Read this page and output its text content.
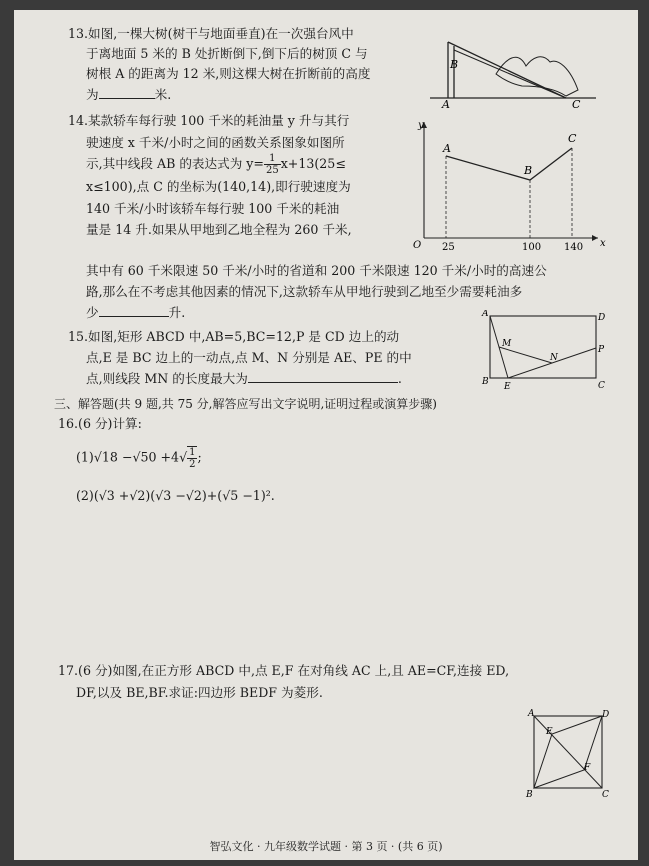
13.如图,一棵大树(树干与地面垂直)在一次强台风中
于离地面 5 米的 B 处折断倒下,倒下后的树顶 C 与
树根 A 的距离为 12 米,则这棵大树在折断前的高度
为	米.
A
B
C
14.某款轿车每行驶 100 千米的耗油量 y 升与其行
驶速度 x 千米/小时之间的函数关系图象如图所
示,其中线段 AB 的表达式为 $y= \frac{1}{25} x+13(25\le$
x≤100),点 C 的坐标为(140,14),即行驶速度为
140 千米/小时该轿车每行驶 100 千米的耗油
量是 14 升.如果从甲地到乙地全程为 260 千米,
其中有 60 千米限速 50 千米/小时的省道和 200 千米限速 120 千米/小时的高速公
路,那么在不考虑其他因素的情况下,这款轿车从甲地行驶到乙地至少需要耗油多
少	升.
y
x
O 25	100 140
A
B
C
15.如图,矩形 ABCD 中,AB=5,BC=12,P 是 CD 边上的动
点,E 是 BC 边上的一动点,点 M、N 分别是 AE、PE 的中
点,则线段 MN 的长度最大为	.
A
B	C
D
E
M
N
P
三、解答题(共 9 题,共 75 分,解答应写出文字说明,证明过程或演算步骤)
16.(6 分)计算:
$(1)√18 -√50 +4√ \frac{1}{2}$ ;
(2)(√3 +√2)(√3 −√2)+(√5 −1)².
17.(6 分)如图,在正方形 ABCD 中,点 E,F 在对角线 AC 上,且 AE=CF,连接 ED,
DF,以及 BE,BF.求证:四边形 BEDF 为菱形.
A
B	C
D
E
F
智弘文化 · 九年级数学试题 · 第 3 页 · (共 6 页)
